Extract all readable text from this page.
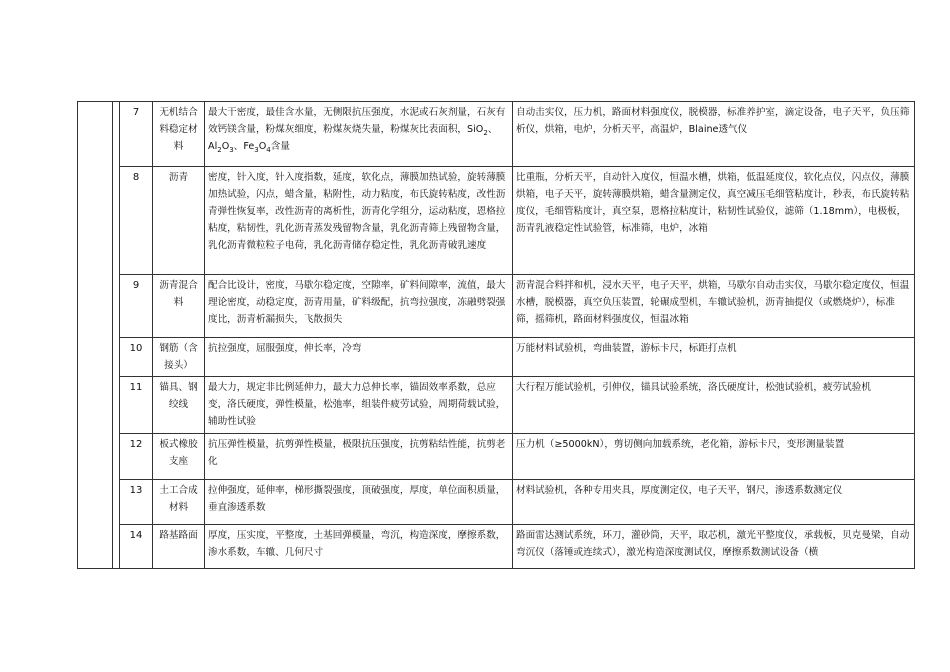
		7	无机结合料稳定材料	最大干密度，最佳含水量，无侧限抗压强度，水泥或石灰剂量，石灰有效钙镁含量，粉煤灰细度，粉煤灰烧失量，粉煤灰比表面积，SiO$_2$、$Al_2O_3$、$Fe_3O_4$含量	自动击实仪，压力机，路面材料强度仪，脱模器，标准养护室，滴定设备，电子天平，负压筛析仪，烘箱，电炉，分析天平，高温炉，Blaine透气仪
		8	沥青	密度，针入度，针入度指数，延度，软化点，薄膜加热试验，旋转薄膜加热试验，闪点，蜡含量，粘附性，动力粘度，布氏旋转粘度，改性沥青弹性恢复率，改性沥青的离析性，沥青化学组分，运动粘度，恩格拉粘度，粘韧性，乳化沥青蒸发残留物含量，乳化沥青筛上残留物含量，乳化沥青微粒粒子电荷，乳化沥青储存稳定性，乳化沥青破乳速度	比重瓶，分析天平，自动针入度仪，恒温水槽，烘箱，低温延度仪，软化点仪，闪点仪，薄膜烘箱，电子天平，旋转薄膜烘箱，蜡含量测定仪，真空减压毛细管粘度计，秒表，布氏旋转粘度仪，毛细管粘度计，真空泵，恩格拉粘度计，粘韧性试验仪，滤筛（1.18mm），电极板，沥青乳液稳定性试验管，标准筛，电炉，冰箱
		9	沥青混合料	配合比设计，密度，马歇尔稳定度，空隙率，矿料间隙率，流值，最大理论密度，动稳定度，沥青用量，矿料级配，抗弯拉强度，冻融劈裂强度比，沥青析漏损失，飞散损失	沥青混合料拌和机，浸水天平，电子天平，烘箱，马歇尔自动击实仪，马歇尔稳定度仪，恒温水槽，脱模器，真空负压装置，轮碾成型机，车辙试验机，沥青抽提仪（或燃烧炉），标准筛，摇筛机，路面材料强度仪，恒温冰箱
		10	钢筋（含接头）	抗拉强度，屈服强度，伸长率，冷弯	万能材料试验机，弯曲装置，游标卡尺，标距打点机
		11	锚具、钢绞线	最大力，规定非比例延伸力，最大力总伸长率，锚固效率系数，总应变，洛氏硬度，弹性模量，松弛率，组装件疲劳试验，周期荷载试验，辅助性试验	大行程万能试验机，引伸仪，锚具试验系统，洛氏硬度计，松弛试验机，疲劳试验机
		12	板式橡胶支座	抗压弹性模量，抗剪弹性模量，极限抗压强度，抗剪粘结性能，抗剪老化	压力机（≥5000kN），剪切侧向加载系统，老化箱，游标卡尺，变形测量装置
		13	土工合成材料	拉伸强度，延伸率，梯形撕裂强度，顶破强度，厚度，单位面积质量，垂直渗透系数	材料试验机，各种专用夹具，厚度测定仪，电子天平，钢尺，渗透系数测定仪
		14	路基路面	厚度，压实度，平整度，土基回弹模量，弯沉，构造深度，摩擦系数，渗水系数，车辙、几何尺寸	路面雷达测试系统，环刀，灌砂筒，天平，取芯机，激光平整度仪，承载板，贝克曼梁，自动弯沉仪（落锤或连续式），激光构造深度测试仪，摩擦系数测试设备（横
